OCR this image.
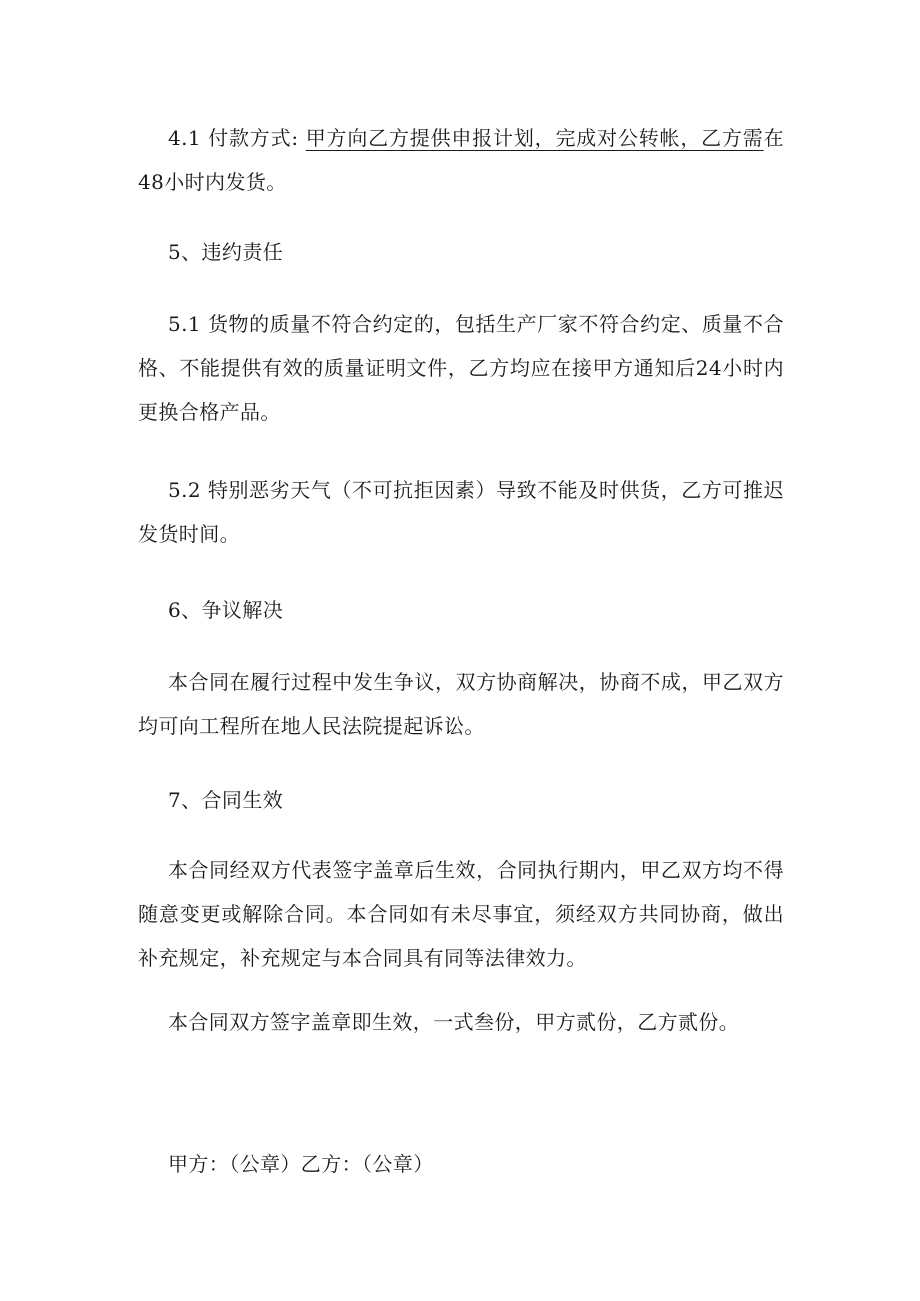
4.1 付款方式: 甲方向乙方提供申报计划，完成对公转帐，乙方需在48小时内发货。

5、违约责任

5.1 货物的质量不符合约定的，包括生产厂家不符合约定、质量不合格、不能提供有效的质量证明文件，乙方均应在接甲方通知后24小时内更换合格产品。

5.2 特别恶劣天气（不可抗拒因素）导致不能及时供货，乙方可推迟发货时间。

6、争议解决

本合同在履行过程中发生争议，双方协商解决，协商不成，甲乙双方均可向工程所在地人民法院提起诉讼。

7、合同生效

本合同经双方代表签字盖章后生效，合同执行期内，甲乙双方均不得随意变更或解除合同。本合同如有未尽事宜，须经双方共同协商，做出补充规定，补充规定与本合同具有同等法律效力。

本合同双方签字盖章即生效，一式叁份，甲方贰份，乙方贰份。

甲方：（公章）乙方：（公章）
